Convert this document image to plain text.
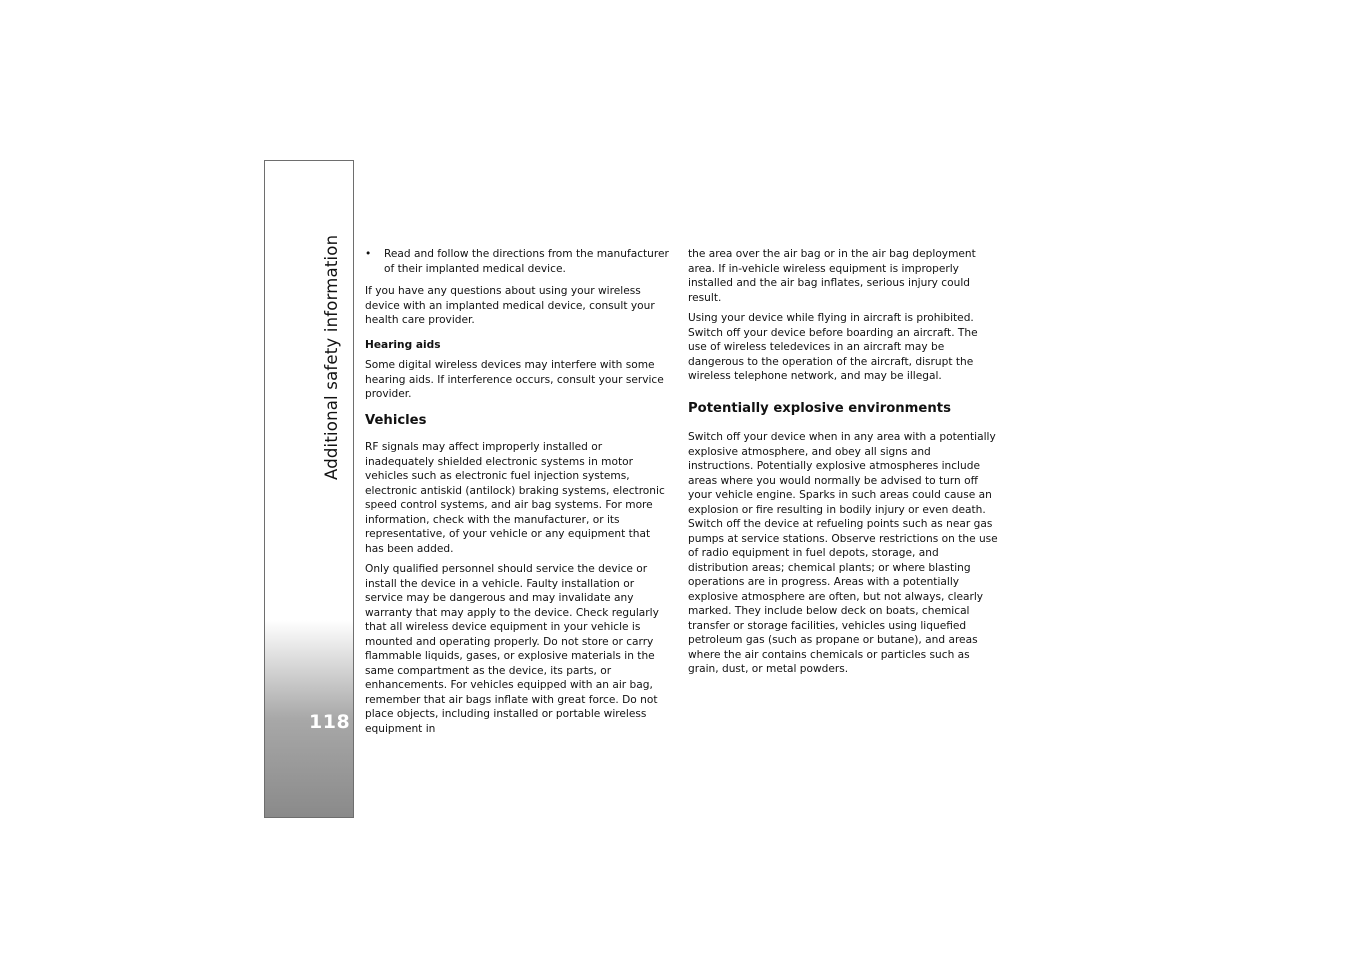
Additional safety information
118
• Read and follow the directions from the manufacturer of their implanted medical device.

If you have any questions about using your wireless device with an implanted medical device, consult your health care provider.

Hearing aids

Some digital wireless devices may interfere with some hearing aids. If interference occurs, consult your service provider.

Vehicles

RF signals may affect improperly installed or inadequately shielded electronic systems in motor vehicles such as electronic fuel injection systems, electronic antiskid (antilock) braking systems, electronic speed control systems, and air bag systems. For more information, check with the manufacturer, or its representative, of your vehicle or any equipment that has been added.

Only qualified personnel should service the device or install the device in a vehicle. Faulty installation or service may be dangerous and may invalidate any warranty that may apply to the device. Check regularly that all wireless device equipment in your vehicle is mounted and operating properly. Do not store or carry flammable liquids, gases, or explosive materials in the same compartment as the device, its parts, or enhancements. For vehicles equipped with an air bag, remember that air bags inflate with great force. Do not place objects, including installed or portable wireless equipment in

the area over the air bag or in the air bag deployment area. If in-vehicle wireless equipment is improperly installed and the air bag inflates, serious injury could result.

Using your device while flying in aircraft is prohibited. Switch off your device before boarding an aircraft. The use of wireless teledevices in an aircraft may be dangerous to the operation of the aircraft, disrupt the wireless telephone network, and may be illegal.

Potentially explosive environments

Switch off your device when in any area with a potentially explosive atmosphere, and obey all signs and instructions. Potentially explosive atmospheres include areas where you would normally be advised to turn off your vehicle engine. Sparks in such areas could cause an explosion or fire resulting in bodily injury or even death. Switch off the device at refueling points such as near gas pumps at service stations. Observe restrictions on the use of radio equipment in fuel depots, storage, and distribution areas; chemical plants; or where blasting operations are in progress. Areas with a potentially explosive atmosphere are often, but not always, clearly marked. They include below deck on boats, chemical transfer or storage facilities, vehicles using liquefied petroleum gas (such as propane or butane), and areas where the air contains chemicals or particles such as grain, dust, or metal powders.
